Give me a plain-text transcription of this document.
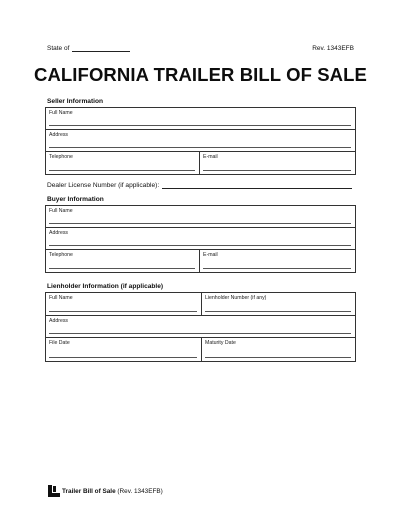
State of	Rev. 1343EFB
CALIFORNIA TRAILER BILL OF SALE
Seller Information
Full Name
Address
Telephone	E-mail
Dealer License Number (if applicable):
Buyer Information
Full Name
Address
Telephone	E-mail
Lienholder Information (if applicable)
Full Name	Lienholder Number (if any)
Address
File Date	Maturity Date
Trailer Bill of Sale (Rev. 1343EFB)
